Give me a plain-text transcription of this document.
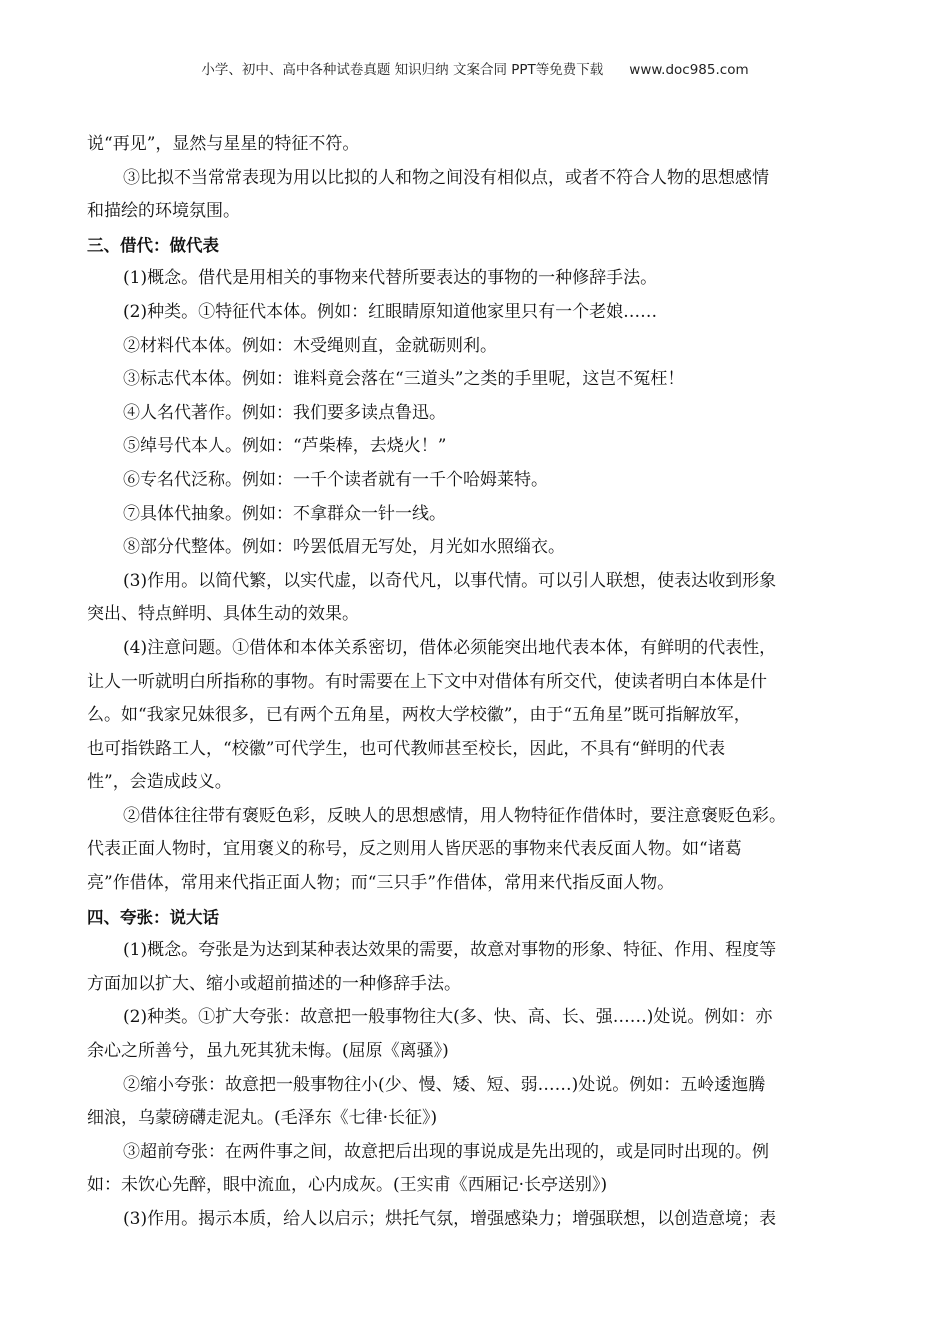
小学、初中、高中各种试卷真题 知识归纳 文案合同 PPT等免费下载 www.doc985.com
说“再见”，显然与星星的特征不符。
③比拟不当常常表现为用以比拟的人和物之间没有相似点，或者不符合人物的思想感情
和描绘的环境氛围。
三、借代：做代表
(1)概念。借代是用相关的事物来代替所要表达的事物的一种修辞手法。
(2)种类。①特征代本体。例如：红眼睛原知道他家里只有一个老娘……
②材料代本体。例如：木受绳则直，金就砺则利。
③标志代本体。例如：谁料竟会落在“三道头”之类的手里呢，这岂不冤枉！
④人名代著作。例如：我们要多读点鲁迅。
⑤绰号代本人。例如：“芦柴棒，去烧火！”
⑥专名代泛称。例如：一千个读者就有一千个哈姆莱特。
⑦具体代抽象。例如：不拿群众一针一线。
⑧部分代整体。例如：吟罢低眉无写处，月光如水照缁衣。
(3)作用。以简代繁，以实代虚，以奇代凡，以事代情。可以引人联想，使表达收到形象
突出、特点鲜明、具体生动的效果。
(4)注意问题。①借体和本体关系密切，借体必须能突出地代表本体，有鲜明的代表性，
让人一听就明白所指称的事物。有时需要在上下文中对借体有所交代，使读者明白本体是什
么。如“我家兄妹很多，已有两个五角星，两枚大学校徽”，由于“五角星”既可指解放军，
也可指铁路工人，“校徽”可代学生，也可代教师甚至校长，因此，不具有“鲜明的代表
性”，会造成歧义。
②借体往往带有褒贬色彩，反映人的思想感情，用人物特征作借体时，要注意褒贬色彩。
代表正面人物时，宜用褒义的称号，反之则用人皆厌恶的事物来代表反面人物。如“诸葛
亮”作借体，常用来代指正面人物；而“三只手”作借体，常用来代指反面人物。
四、夸张：说大话
(1)概念。夸张是为达到某种表达效果的需要，故意对事物的形象、特征、作用、程度等
方面加以扩大、缩小或超前描述的一种修辞手法。
(2)种类。①扩大夸张：故意把一般事物往大(多、快、高、长、强……)处说。例如：亦
余心之所善兮，虽九死其犹未悔。(屈原《离骚》)
②缩小夸张：故意把一般事物往小(少、慢、矮、短、弱……)处说。例如：五岭逶迤腾
细浪，乌蒙磅礴走泥丸。(毛泽东《七律·长征》)
③超前夸张：在两件事之间，故意把后出现的事说成是先出现的，或是同时出现的。例
如：未饮心先醉，眼中流血，心内成灰。(王实甫《西厢记·长亭送别》)
(3)作用。揭示本质，给人以启示；烘托气氛，增强感染力；增强联想，以创造意境；表
